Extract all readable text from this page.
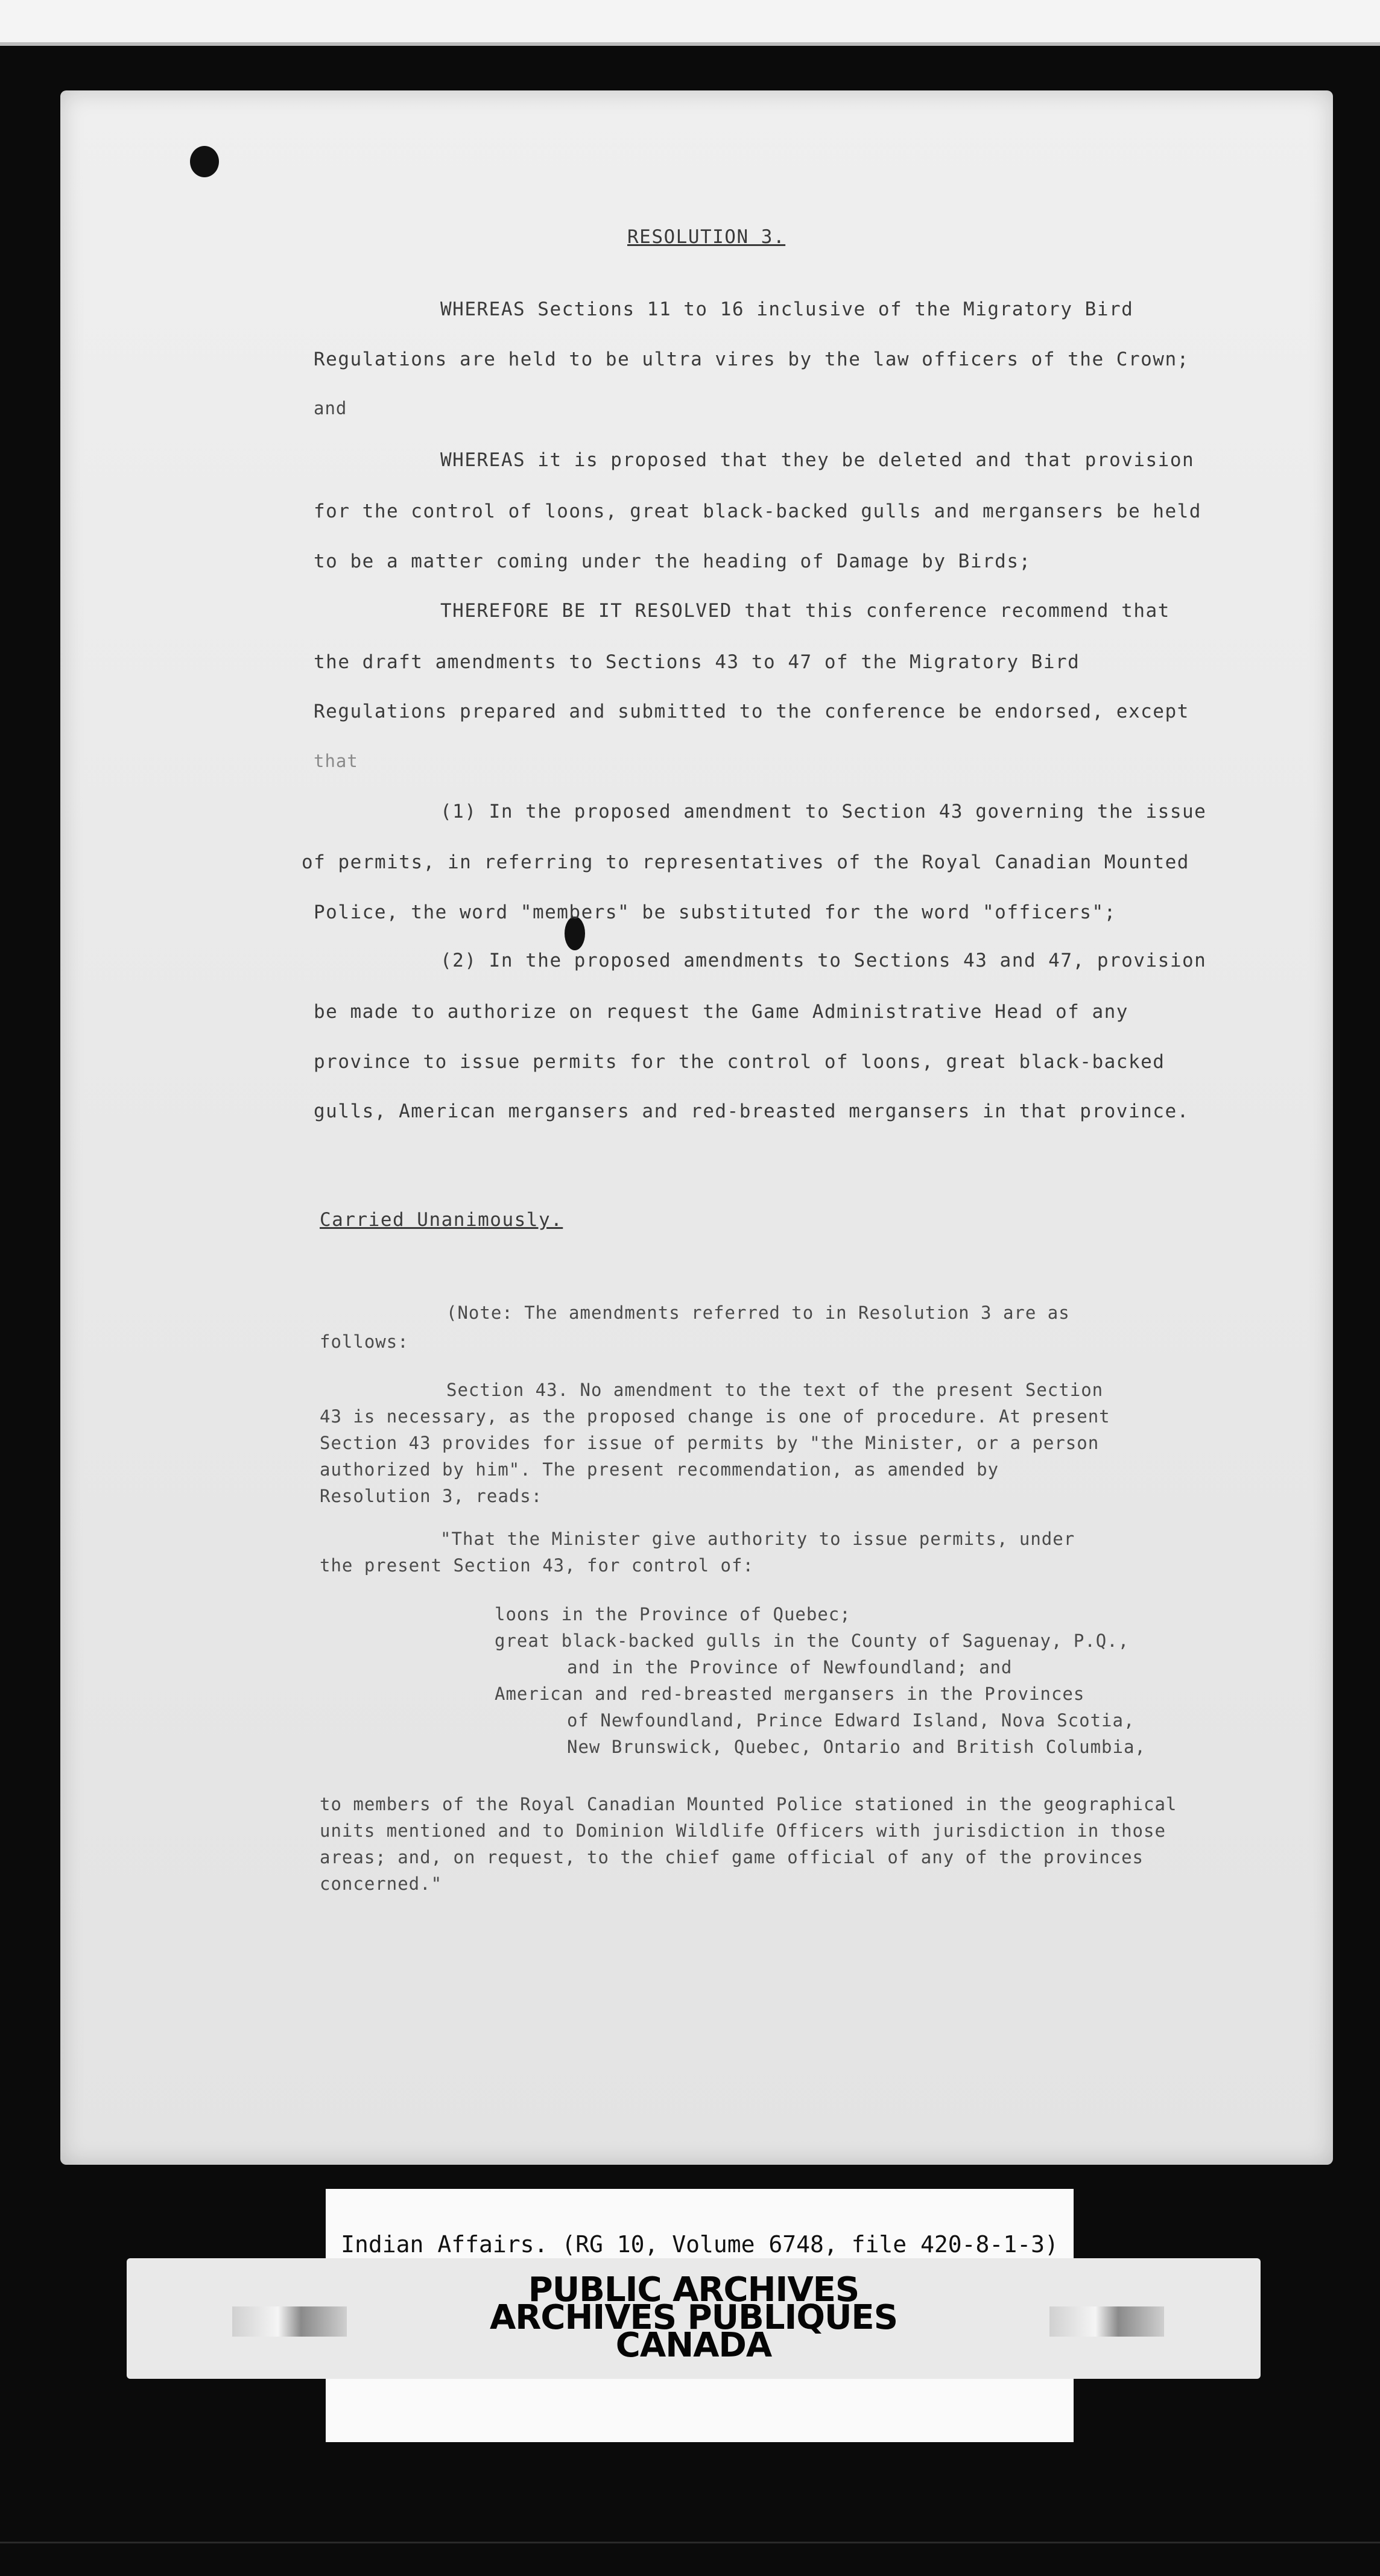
RESOLUTION 3.

WHEREAS Sections 11 to 16 inclusive of the Migratory Bird

Regulations are held to be ultra vires by the law officers of the Crown;

and

WHEREAS it is proposed that they be deleted and that provision

for the control of loons, great black-backed gulls and mergansers be held

to be a matter coming under the heading of Damage by Birds;

THEREFORE BE IT RESOLVED that this conference recommend that

the draft amendments to Sections 43 to 47 of the Migratory Bird

Regulations prepared and submitted to the conference be endorsed, except

that

(1) In the proposed amendment to Section 43 governing the issue

of permits, in referring to representatives of the Royal Canadian Mounted

Police, the word "members" be substituted for the word "officers";

(2) In the proposed amendments to Sections 43 and 47, provision

be made to authorize on request the Game Administrative Head of any

province to issue permits for the control of loons, great black-backed

gulls, American mergansers and red-breasted mergansers in that province.

Carried Unanimously.

(Note: The amendments referred to in Resolution 3 are as

follows:

Section 43. No amendment to the text of the present Section

43 is necessary, as the proposed change is one of procedure. At present

Section 43 provides for issue of permits by "the Minister, or a person

authorized by him". The present recommendation, as amended by

Resolution 3, reads:

"That the Minister give authority to issue permits, under

the present Section 43, for control of:

loons in the Province of Quebec;

great black-backed gulls in the County of Saguenay, P.Q.,

and in the Province of Newfoundland; and

American and red-breasted mergansers in the Provinces

of Newfoundland, Prince Edward Island, Nova Scotia,

New Brunswick, Quebec, Ontario and British Columbia,

to members of the Royal Canadian Mounted Police stationed in the geographical

units mentioned and to Dominion Wildlife Officers with jurisdiction in those

areas; and, on request, to the chief game official of any of the provinces

concerned."

Indian Affairs. (RG 10, Volume 6748, file 420-8-1-3)
PUBLIC ARCHIVES
ARCHIVES PUBLIQUES
CANADA
